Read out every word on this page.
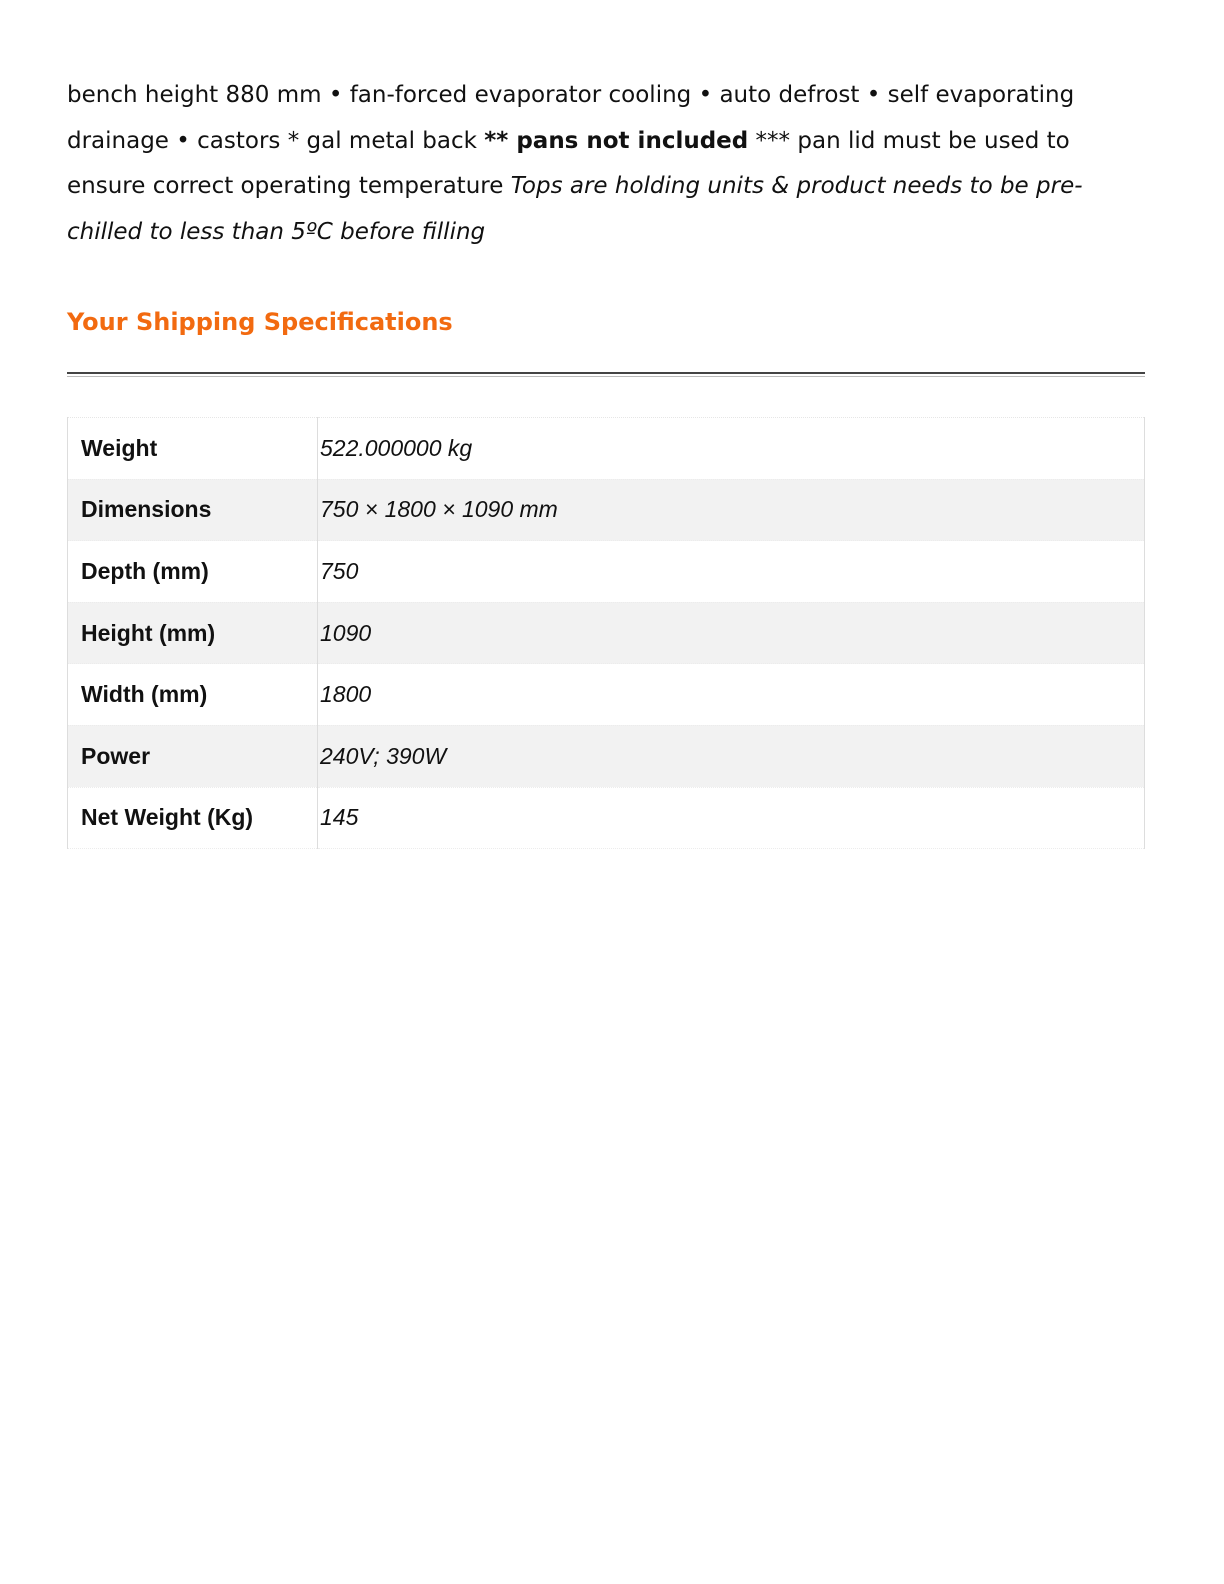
bench height 880 mm • fan-forced evaporator cooling • auto defrost • self evaporating drainage • castors * gal metal back ** pans not included *** pan lid must be used to ensure correct operating temperature Tops are holding units & product needs to be pre-chilled to less than 5ºC before filling

Your Shipping Specifications
Weight	522.000000 kg
Dimensions	750 × 1800 × 1090 mm
Depth (mm)	750
Height (mm)	1090
Width (mm)	1800
Power	240V; 390W
Net Weight (Kg)	145
